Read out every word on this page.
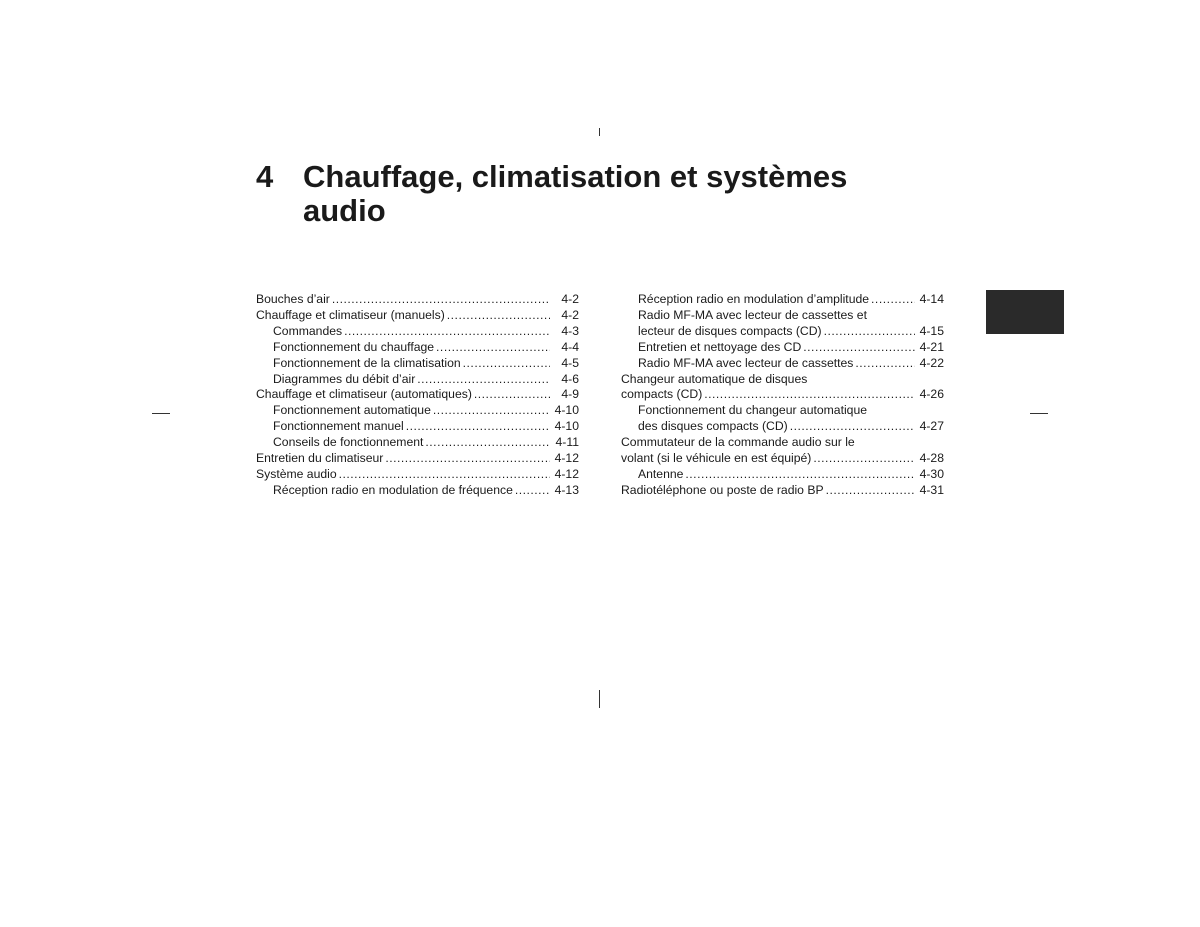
4 Chauffage, climatisation et systèmes audio
Bouches d’air .....	4-2
Chauffage et climatiseur (manuels) .....	4-2
Commandes .....	4-3
Fonctionnement du chauffage .....	4-4
Fonctionnement de la climatisation .....	4-5
Diagrammes du débit d’air .....	4-6
Chauffage et climatiseur (automatiques) .....	4-9
Fonctionnement automatique .....	4-10
Fonctionnement manuel .....	4-10
Conseils de fonctionnement .....	4-11
Entretien du climatiseur .....	4-12
Système audio .....	4-12
Réception radio en modulation de fréquence .....	4-13
Réception radio en modulation d’amplitude .....	4-14
Radio MF-MA avec lecteur de cassettes et
lecteur de disques compacts (CD) .....	4-15
Entretien et nettoyage des CD .....	4-21
Radio MF-MA avec lecteur de cassettes .....	4-22
Changeur automatique de disques
compacts (CD) .....	4-26
Fonctionnement du changeur automatique
des disques compacts (CD) .....	4-27
Commutateur de la commande audio sur le
volant (si le véhicule en est équipé) .....	4-28
Antenne .....	4-30
Radiotéléphone ou poste de radio BP .....	4-31
